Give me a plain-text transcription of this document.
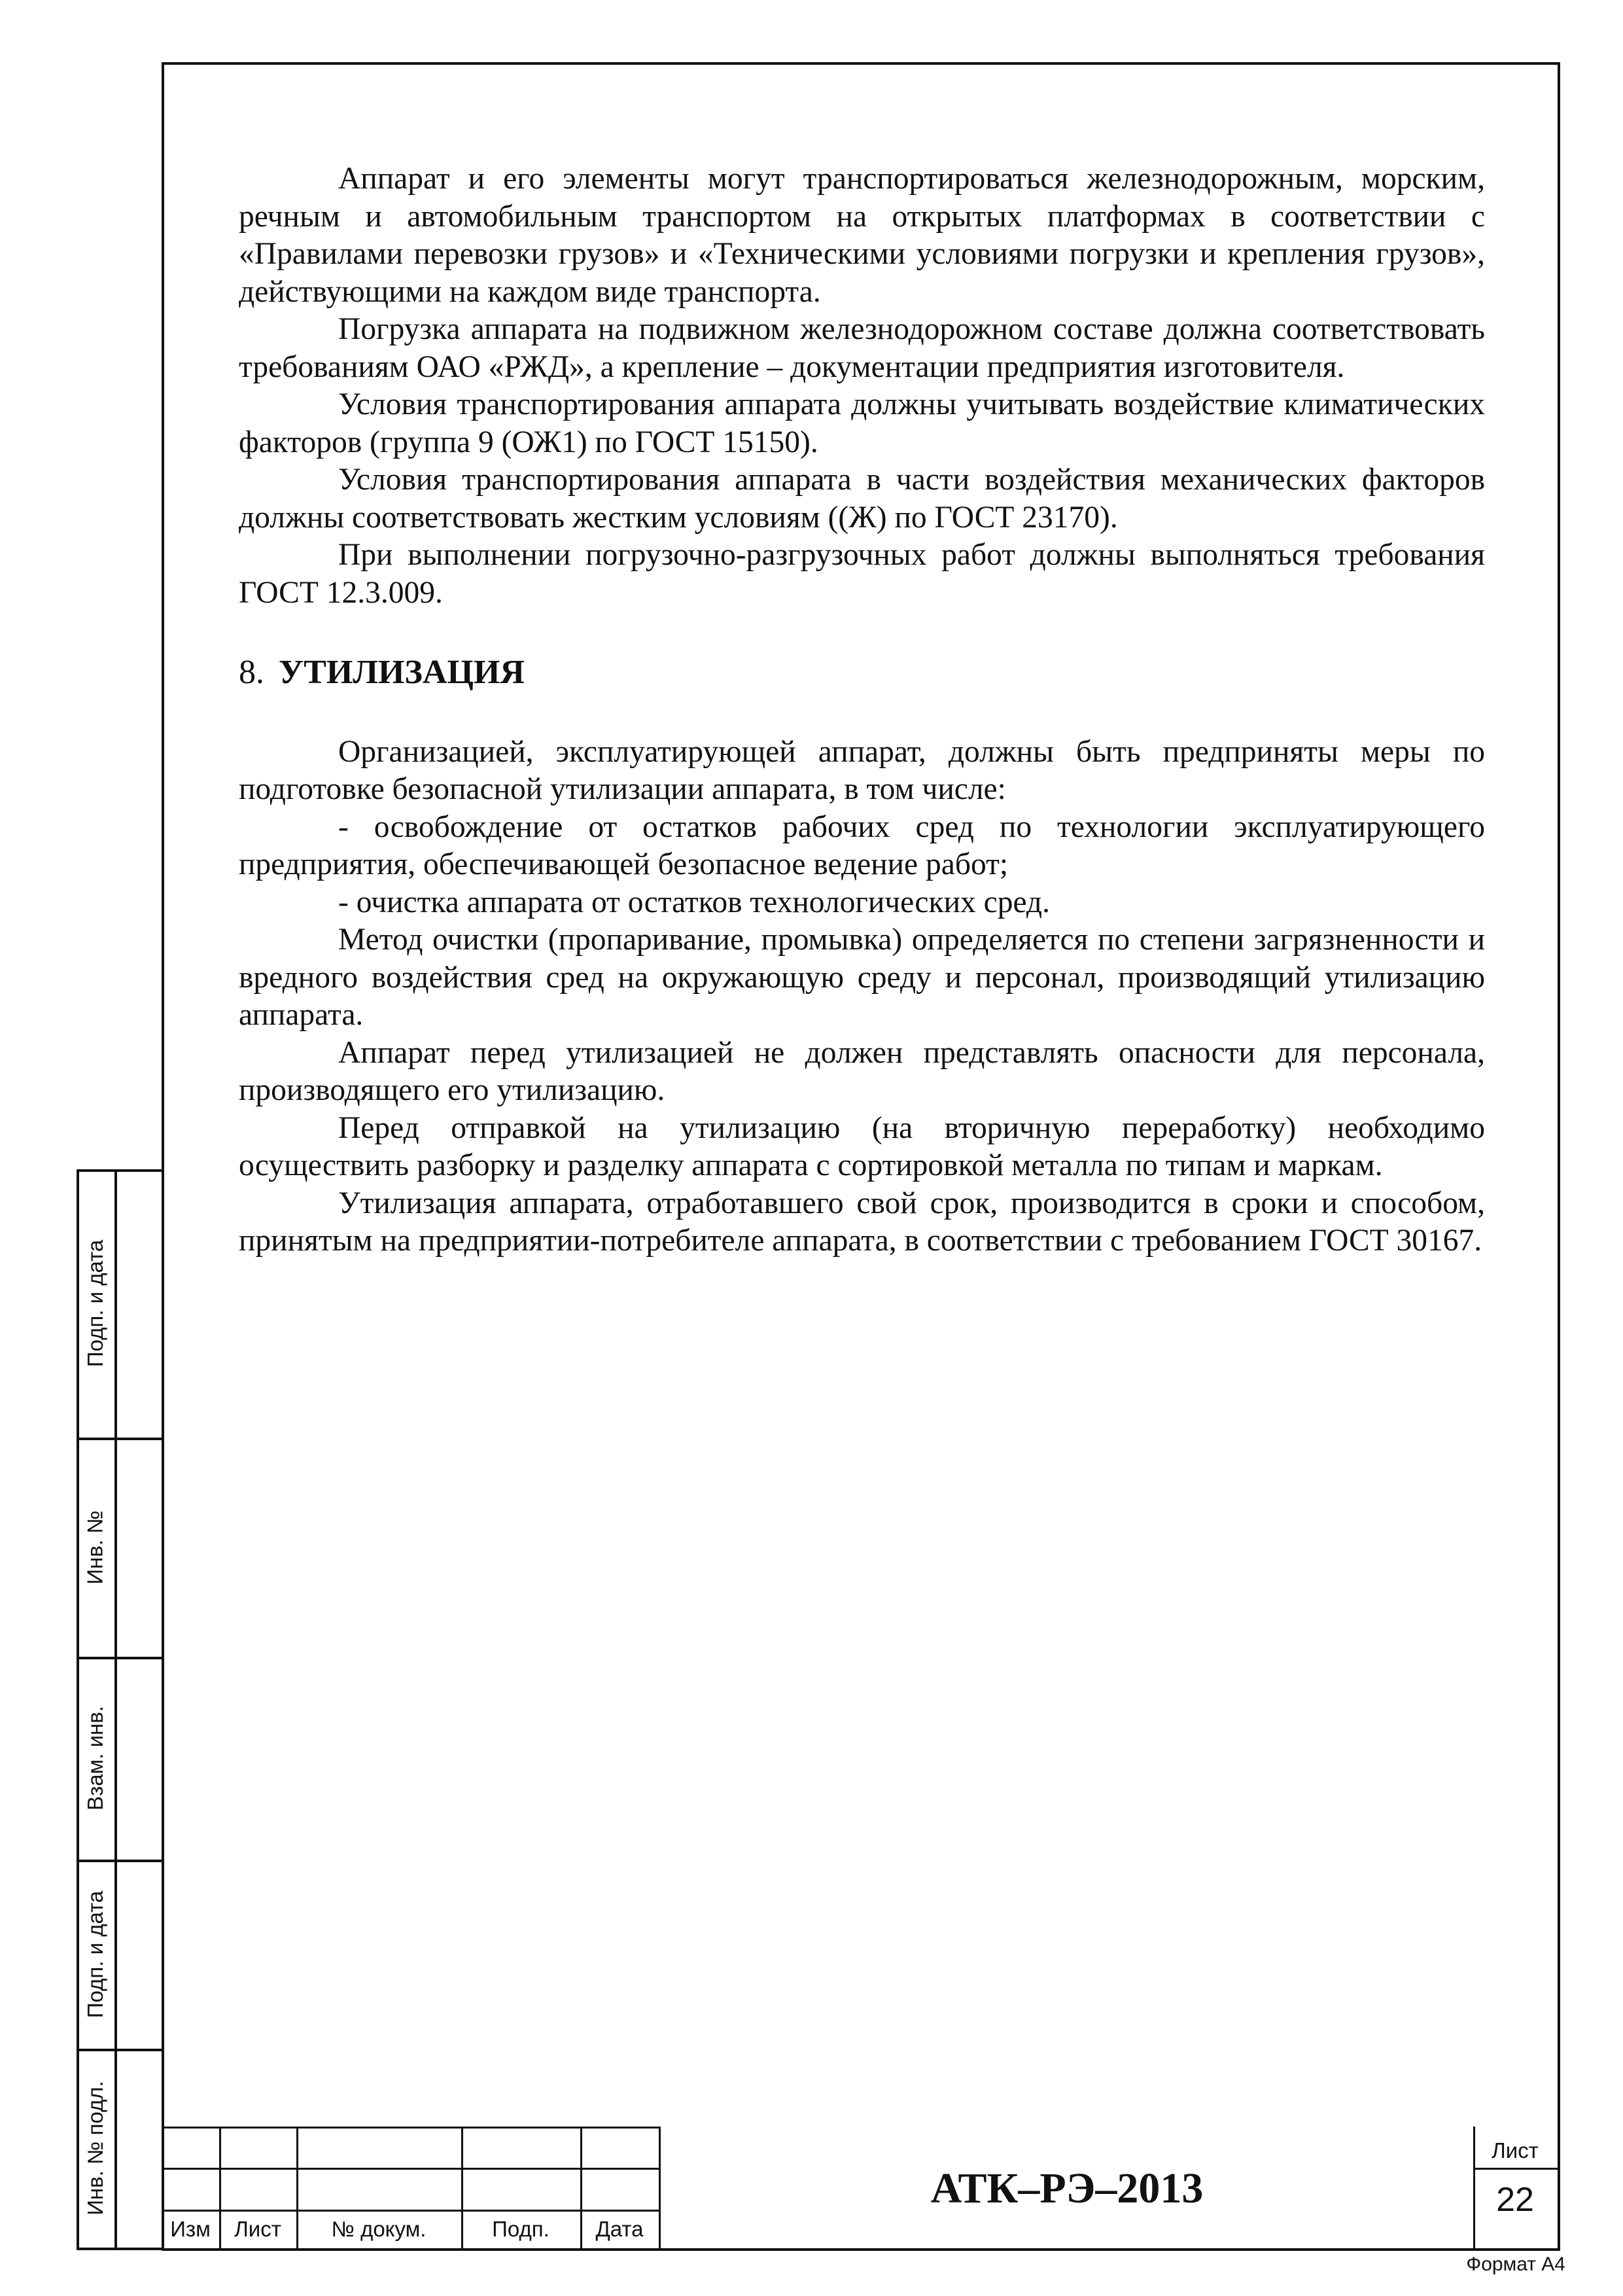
Аппарат и его элементы могут транспортироваться железнодорожным, морским, речным и автомобильным транспортом на открытых платформах в соответствии с «Правилами перевозки грузов» и «Техническими условиями погрузки и крепления грузов», действующими на каждом виде транспорта.

Погрузка аппарата на подвижном железнодорожном составе должна соответствовать требованиям ОАО «РЖД», а крепление – документации предприятия изготовителя.

Условия транспортирования аппарата должны учитывать воздействие климатических факторов (группа 9 (ОЖ1) по ГОСТ 15150).

Условия транспортирования аппарата в части воздействия механических факторов должны соответствовать жестким условиям ((Ж) по ГОСТ 23170).

При выполнении погрузочно-разгрузочных работ должны выполняться требования ГОСТ 12.3.009.

8. УТИЛИЗАЦИЯ

Организацией, эксплуатирующей аппарат, должны быть предприняты меры по подготовке безопасной утилизации аппарата, в том числе:

- освобождение от остатков рабочих сред по технологии эксплуатирующего предприятия, обеспечивающей безопасное ведение работ;

- очистка аппарата от остатков технологических сред.

Метод очистки (пропаривание, промывка) определяется по степени загрязненности и вредного воздействия сред на окружающую среду и персонал, производящий утилизацию аппарата.

Аппарат перед утилизацией не должен представлять опасности для персонала, производящего его утилизацию.

Перед отправкой на утилизацию (на вторичную переработку) необходимо осуществить разборку и разделку аппарата с сортировкой металла по типам и маркам.

Утилизация аппарата, отработавшего свой срок, производится в сроки и способом, принятым на предприятии-потребителе аппарата, в соответствии с требованием ГОСТ 30167.

Подп. и дата
Инв. №
Взам. инв.
Подп. и дата
Инв. № подл.
Изм	Лист	№ докум.	Подп.	Дата
АТК–РЭ–2013
Лист
22
Формат А4
